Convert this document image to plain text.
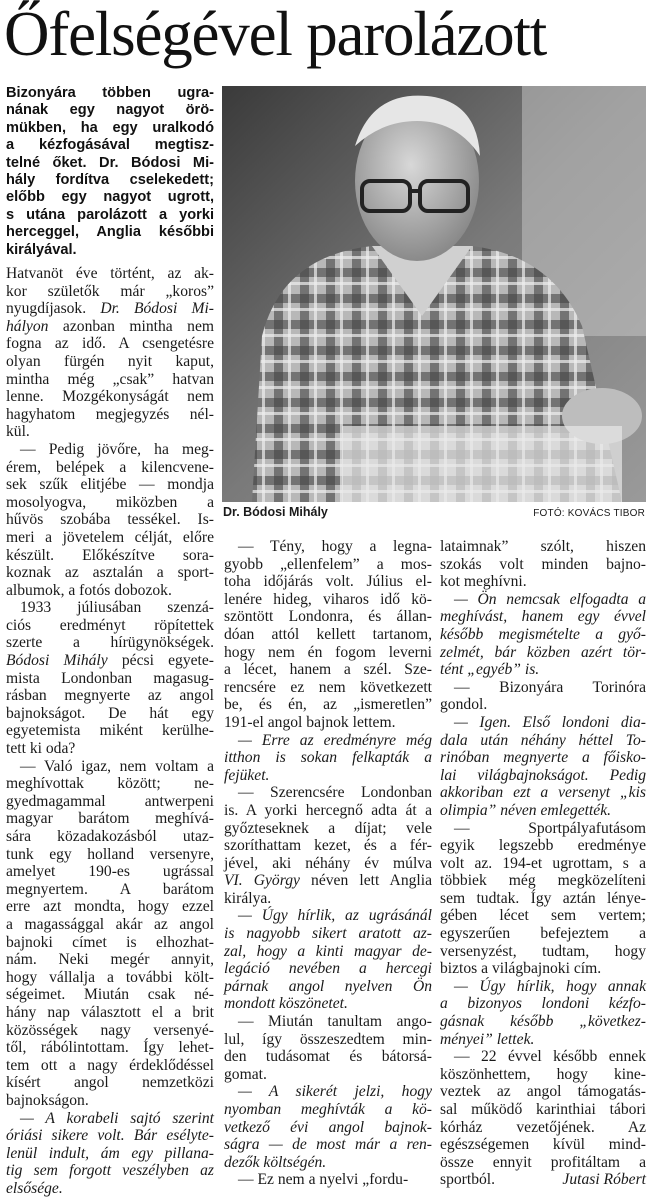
Őfelségével parolázott
Bizonyára többen ugra-
nának egy nagyot örö-
mükben, ha egy uralkodó
a kézfogásával megtisz-
telné őket. Dr. Bódosi Mi-
hály fordítva cselekedett;
előbb egy nagyot ugrott,
s utána parolázott a yorki
herceggel, Anglia későbbi
királyával.
Dr. Bódosi Mihály	FOTÓ: KOVÁCS TIBOR
Hatvanöt éve történt, az ak-
kor születők már „koros”
nyugdíjasok. Dr. Bódosi Mi-
hályon azonban mintha nem
fogna az idő. A csengetésre
olyan fürgén nyit kaput,
mintha még „csak” hatvan
lenne. Mozgékonyságát nem
hagyhatom megjegyzés nél-
kül.
— Pedig jövőre, ha meg-
érem, belépek a kilencvene-
sek szűk elitjébe — mondja
mosolyogva, miközben a
hűvös szobába tessékel. Is-
meri a jövetelem célját, előre
készült. Előkészítve sora-
koznak az asztalán a sport-
albumok, a fotós dobozok.
1933 júliusában szenzá-
ciós eredményt röpítettek
szerte a hírügynökségek.
Bódosi Mihály pécsi egyete-
mista Londonban magasug-
rásban megnyerte az angol
bajnokságot. De hát egy
egyetemista miként kerülhe-
tett ki oda?
— Való igaz, nem voltam a
meghívottak között; ne-
gyedmagammal antwerpeni
magyar barátom meghívá-
sára közadakozásból utaz-
tunk egy holland versenyre,
amelyet 190-es ugrással
megnyertem. A barátom
erre azt mondta, hogy ezzel
a magassággal akár az angol
bajnoki címet is elhozhat-
nám. Neki megér annyit,
hogy vállalja a további költ-
ségeimet. Miután csak né-
hány nap választott el a brit
közösségek nagy versenyé-
től, rábólintottam. Így lehet-
tem ott a nagy érdeklődéssel
kísért angol nemzetközi
bajnokságon.
— A korabeli sajtó szerint
óriási sikere volt. Bár esélyte-
lenül indult, ám egy pillana-
tig sem forgott veszélyben az
elsősége.
— Tény, hogy a legna-
gyobb „ellenfelem” a mos-
toha időjárás volt. Július el-
lenére hideg, viharos idő kö-
szöntött Londonra, és állan-
dóan attól kellett tartanom,
hogy nem én fogom leverni
a lécet, hanem a szél. Sze-
rencsére ez nem következett
be, és én, az „ismeretlen”
191-el angol bajnok lettem.
— Erre az eredményre még
itthon is sokan felkapták a
fejüket.
— Szerencsére Londonban
is. A yorki hercegnő adta át a
győzteseknek a díjat; vele
szoríthattam kezet, és a fér-
jével, aki néhány év múlva
VI. György néven lett Anglia
királya.
— Úgy hírlik, az ugrásánál
is nagyobb sikert aratott az-
zal, hogy a kinti magyar de-
legáció nevében a hercegi
párnak angol nyelven Ön
mondott köszönetet.
— Miután tanultam ango-
lul, így összeszedtem min-
den tudásomat és bátorsá-
gomat.
— A sikerét jelzi, hogy
nyomban meghívták a kö-
vetkező évi angol bajnok-
ságra — de most már a ren-
dezők költségén.
— Ez nem a nyelvi „fordu-
lataimnak” szólt, hiszen
szokás volt minden bajno-
kot meghívni.
— Ön nemcsak elfogadta a
meghívást, hanem egy évvel
később megismételte a győ-
zelmét, bár közben azért tör-
tént „egyéb” is.
— Bizonyára Torinóra
gondol.
— Igen. Első londoni dia-
dala után néhány héttel To-
rinóban megnyerte a főisko-
lai világbajnokságot. Pedig
akkoriban ezt a versenyt „kis
olimpia” néven emlegették.
— Sportpályafutásom
egyik legszebb eredménye
volt az. 194-et ugrottam, s a
többiek még megközelíteni
sem tudtak. Így aztán lénye-
gében lécet sem vertem;
egyszerűen befejeztem a
versenyzést, tudtam, hogy
biztos a világbajnoki cím.
— Úgy hírlik, hogy annak
a bizonyos londoni kézfo-
gásnak később „következ-
ményei” lettek.
— 22 évvel később ennek
köszönhettem, hogy kine-
veztek az angol támogatás-
sal működő karinthiai tábori
kórház vezetőjének. Az
egészségemen kívül mind-
össze ennyit profitáltam a
sportból.	Jutasi Róbert
